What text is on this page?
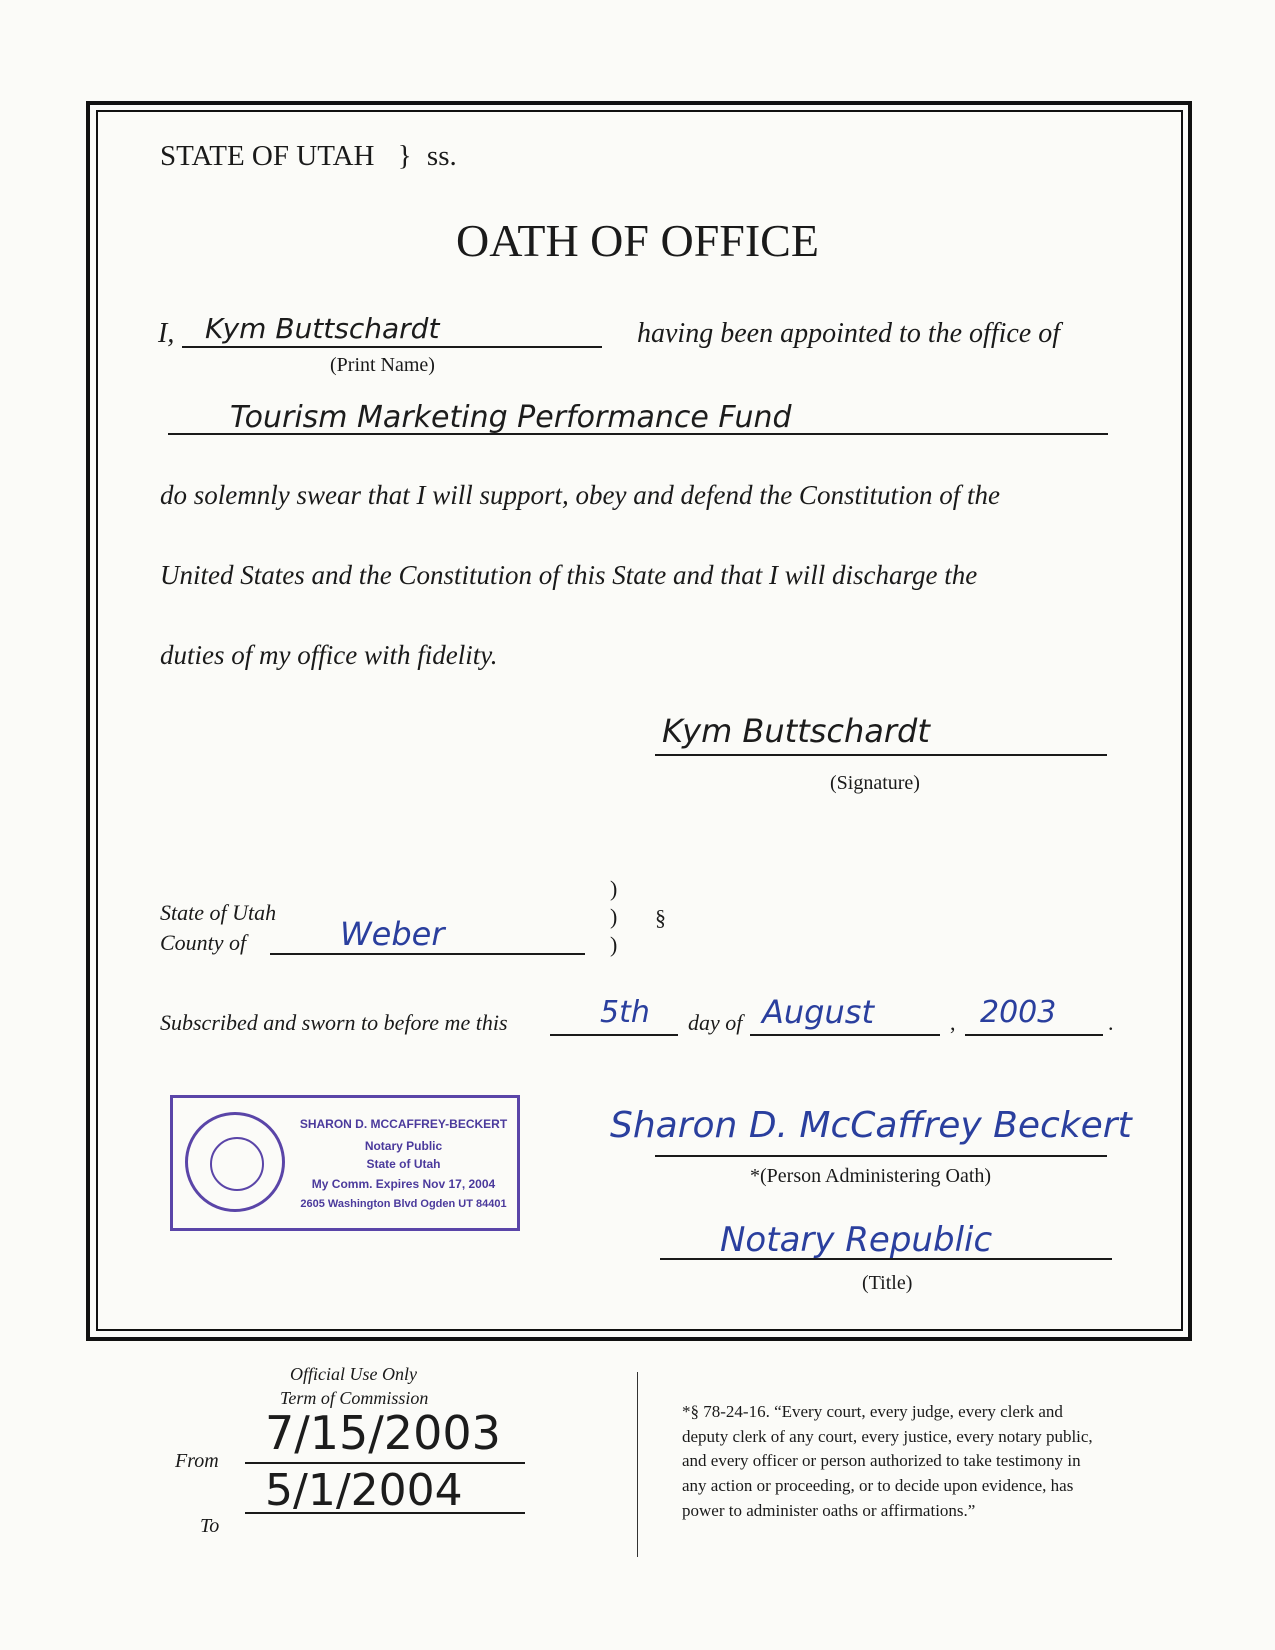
STATE OF UTAH } ss.
OATH OF OFFICE
I, Kym Buttschardt
(Print Name)
having been appointed to the office of
Tourism Marketing Performance Fund
do solemnly swear that I will support, obey and defend the Constitution of the
United States and the Constitution of this State and that I will discharge the
duties of my office with fidelity.
Kym Buttschardt
(Signature)
State of Utah
County of	Weber
)
)
)
§
Subscribed and sworn to before me this	5th day of August	, 2003 .
SHARON D. MCCAFFREY-BECKERT
Notary Public
State of Utah
My Comm. Expires Nov 17, 2004
2605 Washington Blvd Ogden UT 84401
Sharon D. McCaffrey Beckert
*(Person Administering Oath)
Notary Republic
(Title)
Official Use Only
Term of Commission
From
7/15/2003
To
5/1/2004
*§ 78-24-16. “Every court, every judge, every clerk and
deputy clerk of any court, every justice, every notary public,
and every officer or person authorized to take testimony in
any action or proceeding, or to decide upon evidence, has
power to administer oaths or affirmations.”
